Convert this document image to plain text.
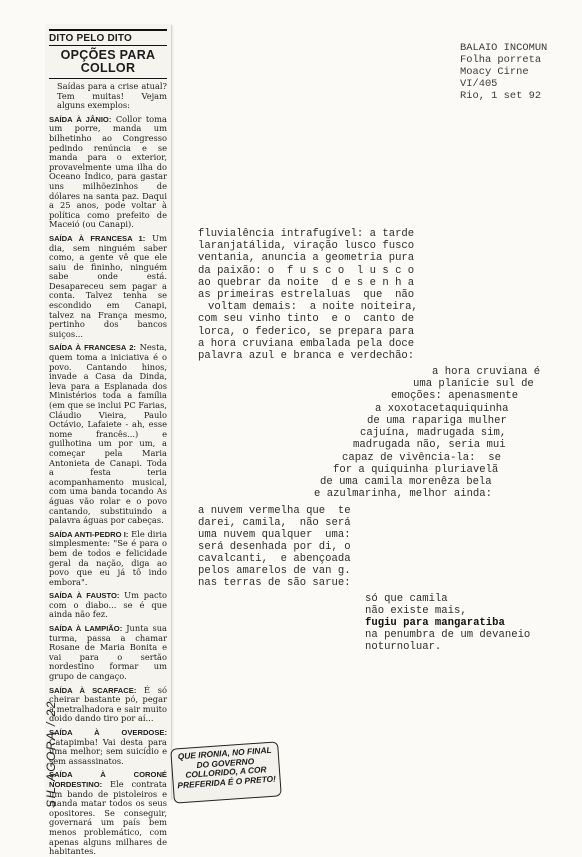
DITO PELO DITO
OPÇÕES PARA
COLLOR
Saídas para a crise atual? Tem muitas! Vejam alguns exemplos:
SAÍDA À JÂNIO: Collor toma um porre, manda um bilhetinho ao Congresso pedindo renúncia e se manda para o exterior, provavelmente uma ilha do Oceano Índico, para gastar uns milhõezinhos de dólares na santa paz. Daqui a 25 anos, pode voltar à política como prefeito de Maceió (ou Canapi).
SAÍDA À FRANCESA 1: Um dia, sem ninguém saber como, a gente vê que ele saiu de fininho, ninguém sabe onde está. Desapareceu sem pagar a conta. Talvez tenha se escondido em Canapi, talvez na França mesmo, pertinho dos bancos suiços...
SAÍDA À FRANCESA 2: Nesta, quem toma a iniciativa é o povo. Cantando hinos, invade a Casa da Dinda, leva para a Esplanada dos Ministérios toda a família (em que se inclui PC Farias, Cláudio Vieira, Paulo Octávio, Lafaiete - ah, esse nome francês...) e guilhotina um por um, a começar pela Maria Antonieta de Canapi. Toda a festa teria acompanhamento musical, com uma banda tocando As águas vão rolar e o povo cantando, substituindo a palavra águas por cabeças.
SAÍDA ANTI-PEDRO I: Ele diria simplesmente: "Se é para o bem de todos e felicidade geral da nação, diga ao povo que eu já tô indo embora".
SAÍDA À FAUSTO: Um pacto com o diabo... se é que ainda não fez.
SAÍDA À LAMPIÃO: Junta sua turma, passa a chamar Rosane de Maria Bonita e vai para o sertão nordestino formar um grupo de cangaço.
SAÍDA À SCARFACE: É só cheirar bastante pó, pegar a metralhadora e sair muito doido dando tiro por aí...
SAÍDA À OVERDOSE: Catapimba! Vai desta para uma melhor; sem suicídio e sem assassinatos.
SAÍDA À CORONÉ NORDESTINO: Ele contrata um bando de pistoleiros e manda matar todos os seus opositores. Se conseguir, governará um país bem menos problemático, com apenas alguns milhares de habitantes.
SIL AGORA / 22	QUE IRONIA, NO FINAL DO GOVERNO COLLORIDO, A COR PREFERIDA É O PRETO!
BALAIO INCOMUN
Folha porreta
Moacy Cirne
VI/405
Rio, 1 set 92
fluvialência intrafugível: a tarde
laranjatálida, viração lusco fusco
ventania, anuncia a geometria pura
da paixão: o  f u s c o  l u s c o
ao quebrar da noite  d e s e n h a
as primeiras estrelaluas  que  não
voltam demais:  a noite noiteira,
com seu vinho tinto  e o  canto de
lorca, o federico, se prepara para
a hora cruviana embalada pela doce
palavra azul e branca e verdechão:
a hora cruviana é
uma planície sul de
emoções: apenasmente
a xoxotacetaquiquinha
de uma rapariga mulher
cajuína, madrugada sim,
madrugada não, seria mui
capaz de vivência-la:  se
for a quiquinha pluriavelã
de uma camila morenêza bela
e azulmarinha, melhor ainda:
a nuvem vermelha que  te
darei, camila,  não será
uma nuvem qualquer  uma:
será desenhada por di, o
cavalcanti,  e abençoada
pelos amarelos de van g.
nas terras de são sarue:
só que camila
não existe mais,
fugiu para mangaratiba
na penumbra de um devaneio
noturnoluar.
